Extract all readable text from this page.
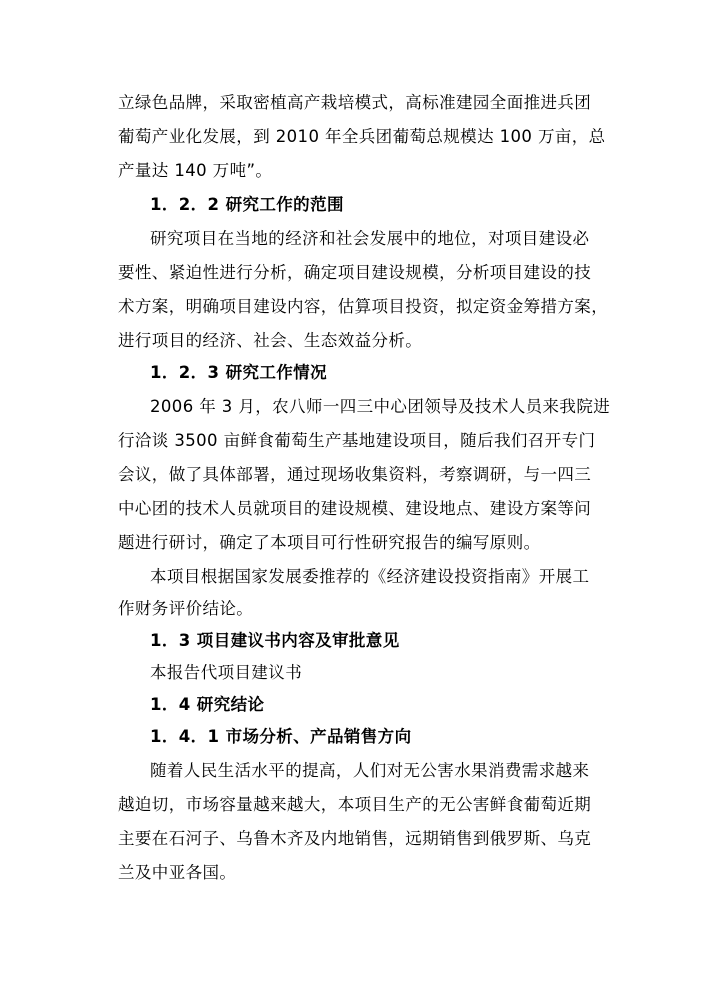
立绿色品牌，采取密植高产栽培模式，高标准建园全面推进兵团
葡萄产业化发展，到 2010 年全兵团葡萄总规模达 100 万亩，总
产量达 140 万吨”。
1．2．2 研究工作的范围
研究项目在当地的经济和社会发展中的地位，对项目建设必
要性、紧迫性进行分析，确定项目建设规模，分析项目建设的技
术方案，明确项目建设内容，估算项目投资，拟定资金筹措方案，
进行项目的经济、社会、生态效益分析。
1．2．3 研究工作情况
2006 年 3 月，农八师一四三中心团领导及技术人员来我院进
行洽谈 3500 亩鲜食葡萄生产基地建设项目，随后我们召开专门
会议，做了具体部署，通过现场收集资料，考察调研，与一四三
中心团的技术人员就项目的建设规模、建设地点、建设方案等问
题进行研讨，确定了本项目可行性研究报告的编写原则。
本项目根据国家发展委推荐的《经济建设投资指南》开展工
作财务评价结论。
1．3 项目建议书内容及审批意见
本报告代项目建议书
1．4 研究结论
1．4．1 市场分析、产品销售方向
随着人民生活水平的提高，人们对无公害水果消费需求越来
越迫切，市场容量越来越大，本项目生产的无公害鲜食葡萄近期
主要在石河子、乌鲁木齐及内地销售，远期销售到俄罗斯、乌克
兰及中亚各国。
